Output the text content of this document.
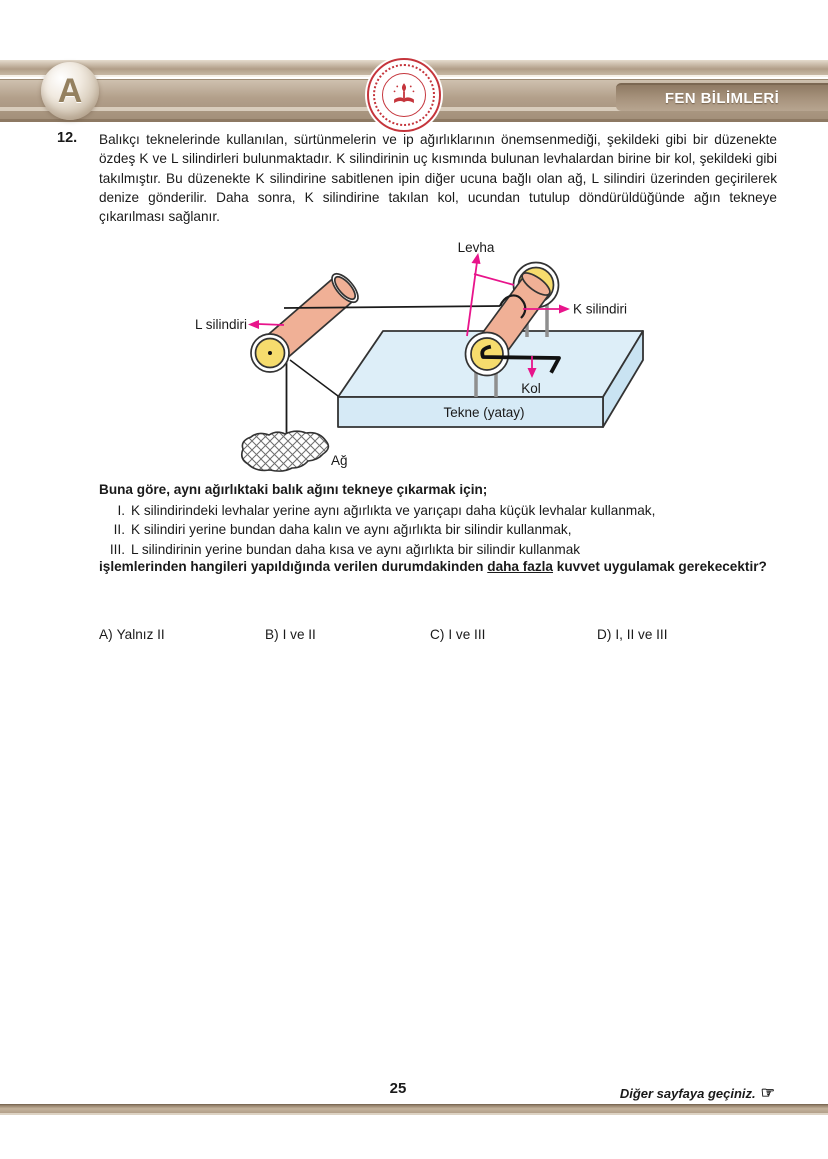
A	FEN BİLİMLERİ
12. Balıkçı teknelerinde kullanılan, sürtünmelerin ve ip ağırlıklarının önemsenmediği, şekildeki gibi bir düzenekte özdeş K ve L silindirleri bulunmaktadır. K silindirinin uç kısmında bulunan levhalardan birine bir kol, şekildeki gibi takılmıştır. Bu düzenekte K silindirine sabitlenen ipin diğer ucuna bağlı olan ağ, L silindiri üzerinden geçirilerek denize gönderilir. Daha sonra, K silindirine takılan kol, ucundan tutulup döndürüldüğünde ağın tekneye çıkarılması sağlanır.
Levha
K silindiri
L silindiri
Kol
Tekne (yatay)
Ağ
Buna göre, aynı ağırlıktaki balık ağını tekneye çıkarmak için;
I. K silindirindeki levhalar yerine aynı ağırlıkta ve yarıçapı daha küçük levhalar kullanmak,
II. K silindiri yerine bundan daha kalın ve aynı ağırlıkta bir silindir kullanmak,
III. L silindirinin yerine bundan daha kısa ve aynı ağırlıkta bir silindir kullanmak
işlemlerinden hangileri yapıldığında verilen durumdakinden daha fazla kuvvet uygulamak gerekecektir?
A) Yalnız II	B) I ve II	C) I ve III	D) I, II ve III
25	Diğer sayfaya geçiniz. ☞
